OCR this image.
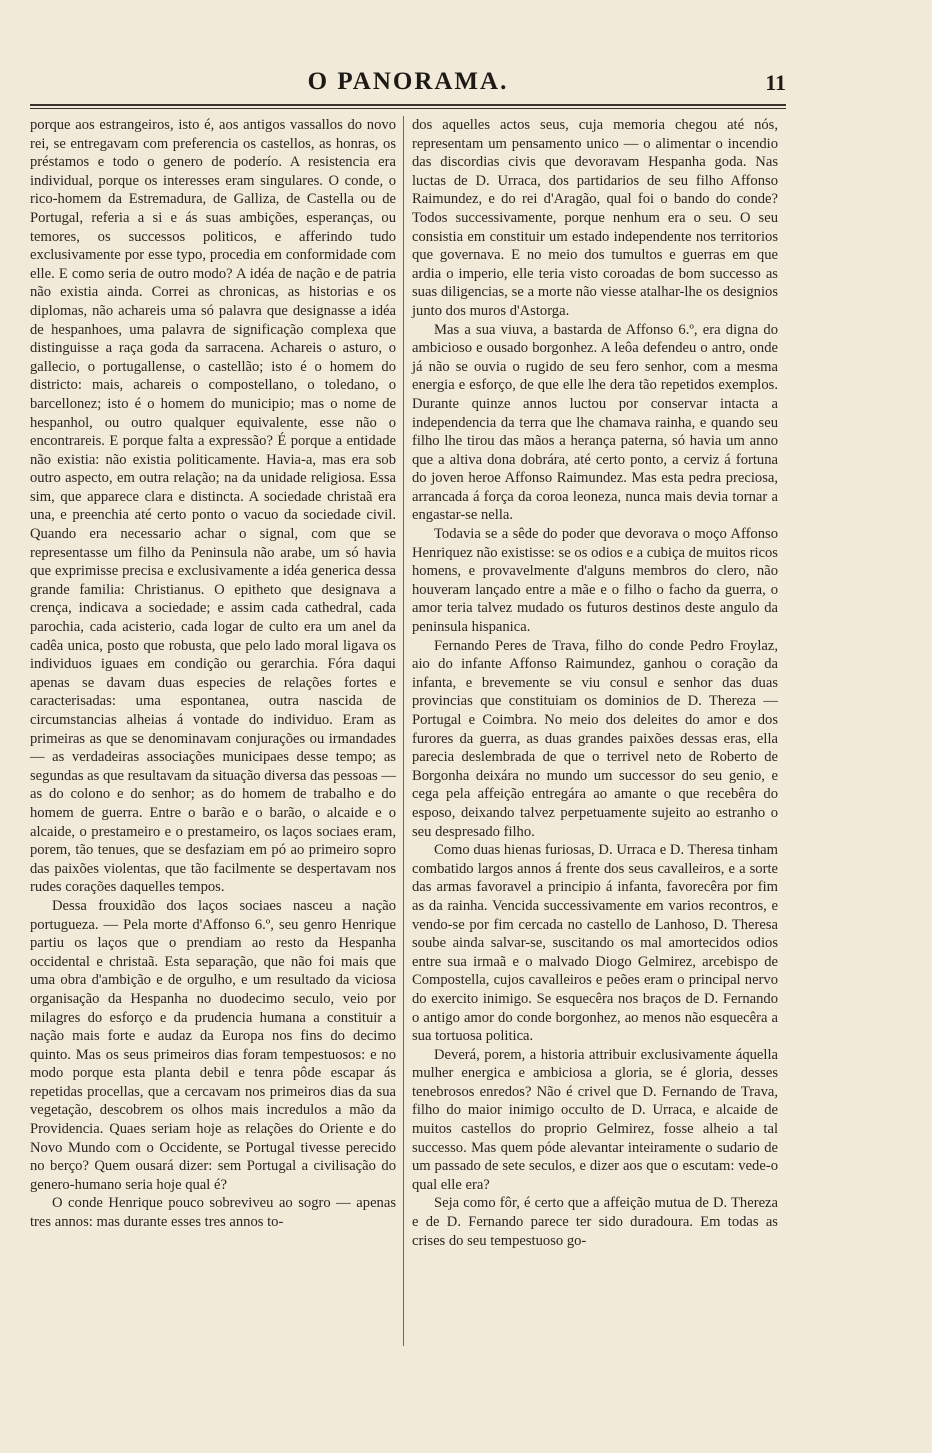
O PANORAMA.	11

porque aos estrangeiros, isto é, aos antigos vassallos do novo rei, se entregavam com preferencia os castellos, as honras, os préstamos e todo o genero de poderío. A resistencia era individual, porque os interesses eram singulares. O conde, o rico-homem da Estremadura, de Galliza, de Castella ou de Portugal, referia a si e ás suas ambições, esperanças, ou temores, os successos politicos, e afferindo tudo exclusivamente por esse typo, procedia em conformidade com elle. E como seria de outro modo? A idéa de nação e de patria não existia ainda. Correi as chronicas, as historias e os diplomas, não achareis uma só palavra que designasse a idéa de hespanhoes, uma palavra de significação complexa que distinguisse a raça goda da sarracena. Achareis o asturo, o gallecio, o portugallense, o castellão; isto é o homem do districto: mais, achareis o compostellano, o toledano, o barcellonez; isto é o homem do municipio; mas o nome de hespanhol, ou outro qualquer equivalente, esse não o encontrareis. E porque falta a expressão? É porque a entidade não existia: não existia politicamente. Havia-a, mas era sob outro aspecto, em outra relação; na da unidade religiosa. Essa sim, que apparece clara e distincta. A sociedade christaã era una, e preenchia até certo ponto o vacuo da sociedade civil. Quando era necessario achar o signal, com que se representasse um filho da Peninsula não arabe, um só havia que exprimisse precisa e exclusivamente a idéa generica dessa grande familia: Christianus. O epitheto que designava a crença, indicava a sociedade; e assim cada cathedral, cada parochia, cada acisterio, cada logar de culto era um anel da cadêa unica, posto que robusta, que pelo lado moral ligava os individuos iguaes em condição ou gerarchia. Fóra daqui apenas se davam duas especies de relações fortes e caracterisadas: uma espontanea, outra nascida de circumstancias alheias á vontade do individuo. Eram as primeiras as que se denominavam conjurações ou irmandades — as verdadeiras associações municipaes desse tempo; as segundas as que resultavam da situação diversa das pessoas — as do colono e do senhor; as do homem de trabalho e do homem de guerra. Entre o barão e o barão, o alcaide e o alcaide, o prestameiro e o prestameiro, os laços sociaes eram, porem, tão tenues, que se desfaziam em pó ao primeiro sopro das paixões violentas, que tão facilmente se despertavam nos rudes corações daquelles tempos.

Dessa frouxidão dos laços sociaes nasceu a nação portugueza. — Pela morte d'Affonso 6.º, seu genro Henrique partiu os laços que o prendiam ao resto da Hespanha occidental e christaã. Esta separação, que não foi mais que uma obra d'ambição e de orgulho, e um resultado da viciosa organisação da Hespanha no duodecimo seculo, veio por milagres do esforço e da prudencia humana a constituir a nação mais forte e audaz da Europa nos fins do decimo quinto. Mas os seus primeiros dias foram tempestuosos: e no modo porque esta planta debil e tenra pôde escapar ás repetidas procellas, que a cercavam nos primeiros dias da sua vegetação, descobrem os olhos mais incredulos a mão da Providencia. Quaes seriam hoje as relações do Oriente e do Novo Mundo com o Occidente, se Portugal tivesse perecido no berço? Quem ousará dizer: sem Portugal a civilisação do genero-humano seria hoje qual é?

O conde Henrique pouco sobreviveu ao sogro — apenas tres annos: mas durante esses tres annos to-

dos aquelles actos seus, cuja memoria chegou até nós, representam um pensamento unico — o alimentar o incendio das discordias civis que devoravam Hespanha goda. Nas luctas de D. Urraca, dos partidarios de seu filho Affonso Raimundez, e do rei d'Aragão, qual foi o bando do conde? Todos successivamente, porque nenhum era o seu. O seu consistia em constituir um estado independente nos territorios que governava. E no meio dos tumultos e guerras em que ardia o imperio, elle teria visto coroadas de bom successo as suas diligencias, se a morte não viesse atalhar-lhe os designios junto dos muros d'Astorga.

Mas a sua viuva, a bastarda de Affonso 6.º, era digna do ambicioso e ousado borgonhez. A leôa defendeu o antro, onde já não se ouvia o rugido de seu fero senhor, com a mesma energia e esforço, de que elle lhe dera tão repetidos exemplos. Durante quinze annos luctou por conservar intacta a independencia da terra que lhe chamava rainha, e quando seu filho lhe tirou das mãos a herança paterna, só havia um anno que a altiva dona dobrára, até certo ponto, a cerviz á fortuna do joven heroe Affonso Raimundez. Mas esta pedra preciosa, arrancada á força da coroa leoneza, nunca mais devia tornar a engastar-se nella.

Todavia se a sêde do poder que devorava o moço Affonso Henriquez não existisse: se os odios e a cubiça de muitos ricos homens, e provavelmente d'alguns membros do clero, não houveram lançado entre a mãe e o filho o facho da guerra, o amor teria talvez mudado os futuros destinos deste angulo da peninsula hispanica.

Fernando Peres de Trava, filho do conde Pedro Froylaz, aio do infante Affonso Raimundez, ganhou o coração da infanta, e brevemente se viu consul e senhor das duas provincias que constituiam os dominios de D. Thereza — Portugal e Coimbra. No meio dos deleites do amor e dos furores da guerra, as duas grandes paixões dessas eras, ella parecia deslembrada de que o terrivel neto de Roberto de Borgonha deixára no mundo um successor do seu genio, e cega pela affeição entregára ao amante o que recebêra do esposo, deixando talvez perpetuamente sujeito ao estranho o seu despresado filho.

Como duas hienas furiosas, D. Urraca e D. Theresa tinham combatido largos annos á frente dos seus cavalleiros, e a sorte das armas favoravel a principio á infanta, favorecêra por fim as da rainha. Vencida successivamente em varios recontros, e vendo-se por fim cercada no castello de Lanhoso, D. Theresa soube ainda salvar-se, suscitando os mal amortecidos odios entre sua irmaã e o malvado Diogo Gelmirez, arcebispo de Compostella, cujos cavalleiros e peões eram o principal nervo do exercito inimigo. Se esquecêra nos braços de D. Fernando o antigo amor do conde borgonhez, ao menos não esquecêra a sua tortuosa politica.

Deverá, porem, a historia attribuir exclusivamente áquella mulher energica e ambiciosa a gloria, se é gloria, desses tenebrosos enredos? Não é crivel que D. Fernando de Trava, filho do maior inimigo occulto de D. Urraca, e alcaide de muitos castellos do proprio Gelmirez, fosse alheio a tal successo. Mas quem póde alevantar inteiramente o sudario de um passado de sete seculos, e dizer aos que o escutam: vede-o qual elle era?

Seja como fôr, é certo que a affeição mutua de D. Thereza e de D. Fernando parece ter sido duradoura. Em todas as crises do seu tempestuoso go-
